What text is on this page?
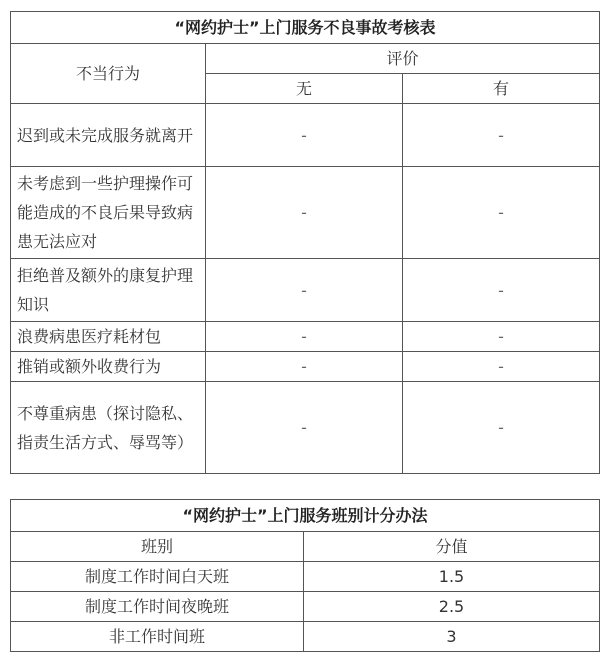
“网约护士”上门服务不良事故考核表		
不当行为	评价	
	无	有
迟到或未完成服务就离开	-	-
未考虑到一些护理操作可能造成的不良后果导致病患无法应对	-	-
拒绝普及额外的康复护理知识	-	-
浪费病患医疗耗材包	-	-
推销或额外收费行为	-	-
不尊重病患（探讨隐私、指责生活方式、辱骂等）	-	-
“网约护士”上门服务班别计分办法	
班别	分值
制度工作时间白天班	1.5
制度工作时间夜晚班	2.5
非工作时间班	3
